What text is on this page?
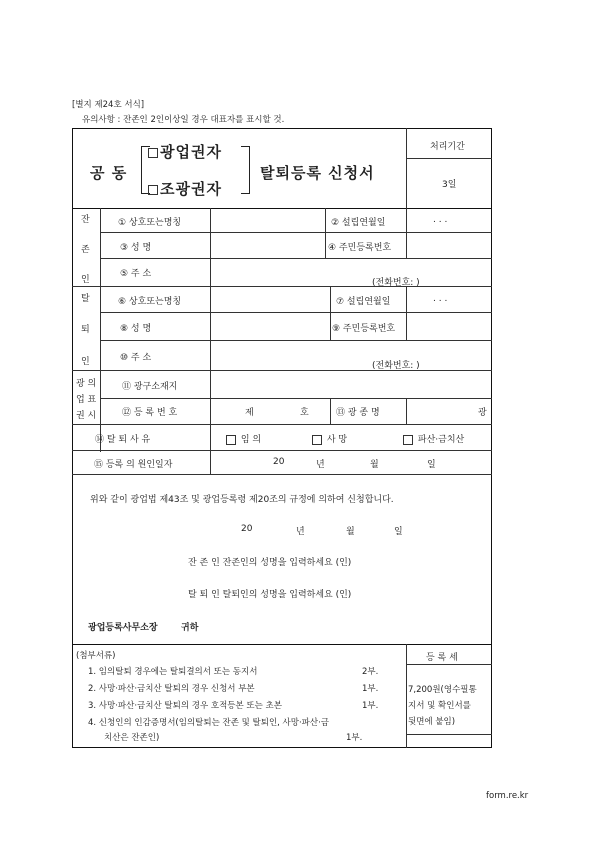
[별지 제24호 서식]
유의사항 : 잔존인 2인이상일 경우 대표자를 표시할 것.
공 동
광업권자
조광권자
탈퇴등록 신청서
처리기간
3일
잔
존
인
① 상호또는명칭	② 설립연월일	. . .
③ 성 명	④ 주민등록번호
⑤ 주 소
(전화번호: )
탈
퇴
인
⑥ 상호또는명칭	⑦ 설립연월일	. . .
⑧ 성 명	⑨ 주민등록번호
⑩ 주 소
(전화번호: )
광 의
업 표
권 시
⑪ 광구소재지
⑫ 등 록 번 호	제	호	⑬ 광 종 명	광
⑭ 탈 퇴 사 유	임 의	사 망	파산·금치산
⑮ 등록 의 원인일자	20	년	월	일
위와 같이 광업법 제43조 및 광업등록령 제20조의 규정에 의하여 신청합니다.
20	년	월	일
잔 존 인 잔존인의 성명을 입력하세요 (인)
탈 퇴 인 탈퇴인의 성명을 입력하세요 (인)
광업등록사무소장	귀하
(첨부서류)
1. 임의탈퇴 경우에는 탈퇴결의서 또는 동지서	2부.
2. 사망·파산·금치산 탈퇴의 경우 신청서 부본	1부.
3. 사망·파산·금치산 탈퇴의 경우 호적등본 또는 초본	1부.
4. 신청인의 인감증명서(임의탈퇴는 잔존 및 탈퇴인, 사망·파산·금
치산은 잔존인)	1부.
등 록 세
7,200원(영수필통
지서 및 확인서를
뒷면에 붙임)
form.re.kr
